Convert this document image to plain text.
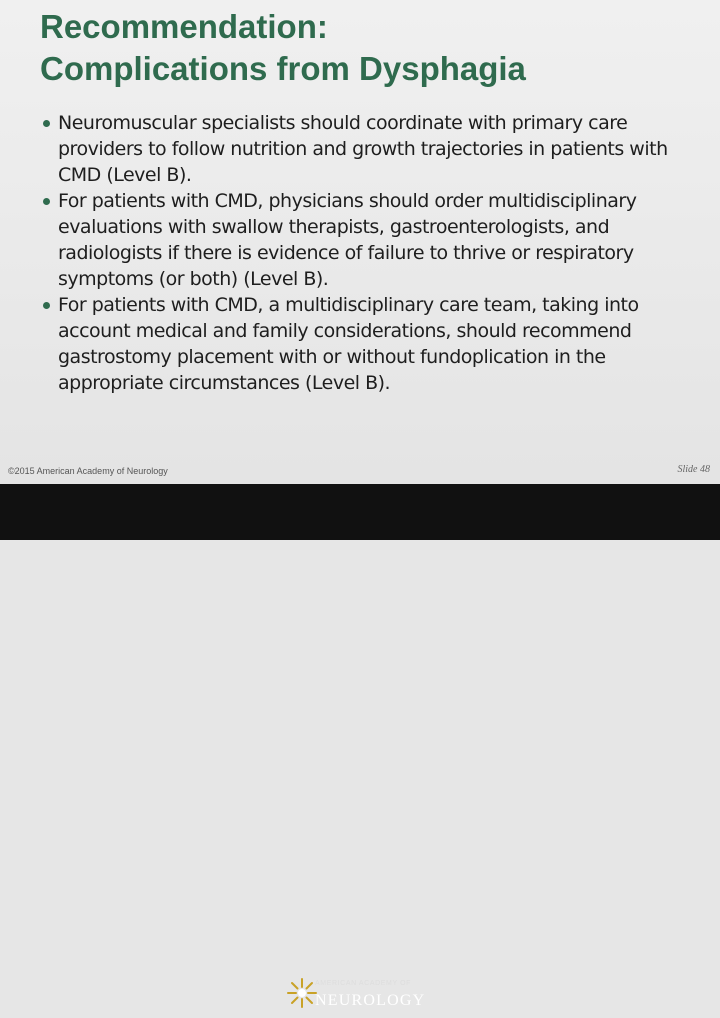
Recommendation:
Complications from Dysphagia
Neuromuscular specialists should coordinate with primary care providers to follow nutrition and growth trajectories in patients with CMD (Level B).
For patients with CMD, physicians should order multidisciplinary evaluations with swallow therapists, gastroenterologists, and radiologists if there is evidence of failure to thrive or respiratory symptoms (or both) (Level B).
For patients with CMD, a multidisciplinary care team, taking into account medical and family considerations, should recommend gastrostomy placement with or without fundoplication in the appropriate circumstances (Level B).
©2015 American Academy of Neurology	Slide 48
AMERICAN ACADEMY OF
NEUROLOGY
